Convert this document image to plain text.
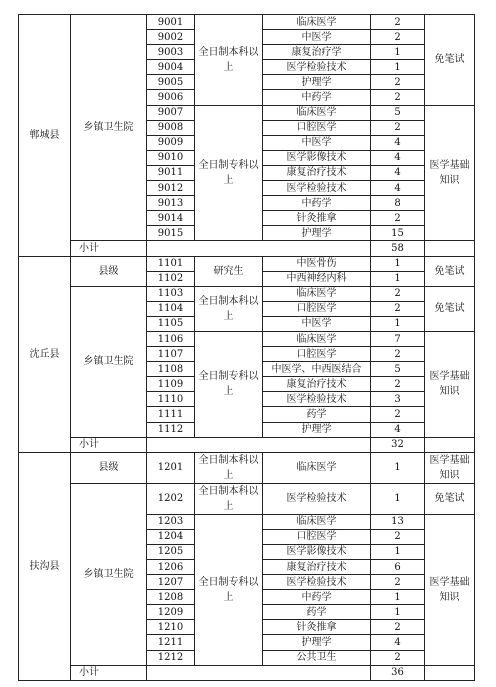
郸城县	乡镇卫生院	9001	全日制本科以上	临床医学	2	免笔试
		9002		中医学	2	
		9003		康复治疗学	1	
		9004		医学检验技术	1	
		9005		护理学	2	
		9006		中药学	2	
		9007	全日制专科以上	临床医学	5	医学基础知识
		9008		口腔医学	2	
		9009		中医学	4	
		9010		医学影像技术	4	
		9011		康复治疗技术	4	
		9012		医学检验技术	4	
		9013		中药学	8	
		9014		针灸推拿	2	
		9015		护理学	15	
	小计				58	
沈丘县	县级	1101	研究生	中医骨伤	1	免笔试
		1102		中西神经内科	1	
	乡镇卫生院	1103	全日制本科以上	临床医学	2	免笔试
		1104		口腔医学	2	
		1105		中医学	1	
		1106	全日制专科以上	临床医学	7	医学基础知识
		1107		口腔医学	2	
		1108		中医学、中西医结合	5	
		1109		康复治疗技术	2	
		1110		医学检验技术	3	
		1111		药学	2	
		1112		护理学	4	
	小计				32	
扶沟县	县级	1201	全日制本科以上	临床医学	1	医学基础知识
	乡镇卫生院	1202	全日制本科以上	医学检验技术	1	免笔试
		1203	全日制专科以上	临床医学	13	医学基础知识
		1204		口腔医学	2	
		1205		医学影像技术	1	
		1206		康复治疗技术	6	
		1207		医学检验技术	2	
		1208		中药学	1	
		1209		药学	1	
		1210		针灸推拿	2	
		1211		护理学	4	
		1212		公共卫生	2	
	小计				36	
